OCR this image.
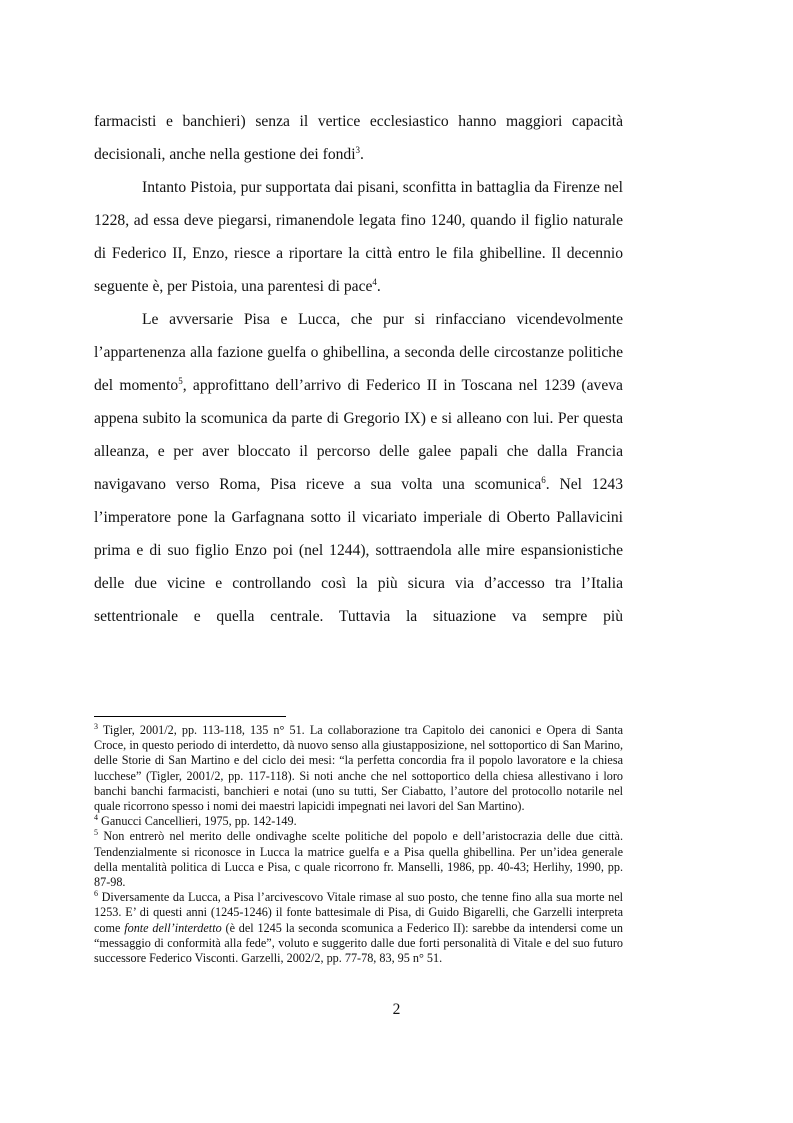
farmacisti e banchieri) senza il vertice ecclesiastico hanno maggiori capacità decisionali, anche nella gestione dei fondi$^3$.

Intanto Pistoia, pur supportata dai pisani, sconfitta in battaglia da Firenze nel 1228, ad essa deve piegarsi, rimanendole legata fino 1240, quando il figlio naturale di Federico II, Enzo, riesce a riportare la città entro le fila ghibelline. Il decennio seguente è, per Pistoia, una parentesi di pace$^4$.

Le avversarie Pisa e Lucca, che pur si rinfacciano vicendevolmente l’appartenenza alla fazione guelfa o ghibellina, a seconda delle circostanze politiche del momento$^5$, approfittano dell’arrivo di Federico II in Toscana nel 1239 (aveva appena subito la scomunica da parte di Gregorio IX) e si alleano con lui. Per questa alleanza, e per aver bloccato il percorso delle galee papali che dalla Francia navigavano verso Roma, Pisa riceve a sua volta una scomunica$^6$. Nel 1243 l’imperatore pone la Garfagnana sotto il vicariato imperiale di Oberto Pallavicini prima e di suo figlio Enzo poi (nel 1244), sottraendola alle mire espansionistiche delle due vicine e controllando così la più sicura via d’accesso tra l’Italia settentrionale e quella centrale. Tuttavia la situazione va sempre più

$^3$ Tigler, 2001/2, pp. 113-118, 135 n° 51. La collaborazione tra Capitolo dei canonici e Opera di Santa Croce, in questo periodo di interdetto, dà nuovo senso alla giustapposizione, nel sottoportico di San Marino, delle Storie di San Martino e del ciclo dei mesi: “la perfetta concordia fra il popolo lavoratore e la chiesa lucchese” (Tigler, 2001/2, pp. 117-118). Si noti anche che nel sottoportico della chiesa allestivano i loro banchi banchi farmacisti, banchieri e notai (uno su tutti, Ser Ciabatto, l’autore del protocollo notarile nel quale ricorrono spesso i nomi dei maestri lapicidi impegnati nei lavori del San Martino).

$^4$ Ganucci Cancellieri, 1975, pp. 142-149.

$^5$ Non entrerò nel merito delle ondivaghe scelte politiche del popolo e dell’aristocrazia delle due città. Tendenzialmente si riconosce in Lucca la matrice guelfa e a Pisa quella ghibellina. Per un’idea generale della mentalità politica di Lucca e Pisa, c quale ricorrono fr. Manselli, 1986, pp. 40-43; Herlihy, 1990, pp. 87-98.

$^6$ Diversamente da Lucca, a Pisa l’arcivescovo Vitale rimase al suo posto, che tenne fino alla sua morte nel 1253. E’ di questi anni (1245-1246) il fonte battesimale di Pisa, di Guido Bigarelli, che Garzelli interpreta come fonte dell’interdetto (è del 1245 la seconda scomunica a Federico II): sarebbe da intendersi come un “messaggio di conformità alla fede”, voluto e suggerito dalle due forti personalità di Vitale e del suo futuro successore Federico Visconti. Garzelli, 2002/2, pp. 77-78, 83, 95 n° 51.

2
